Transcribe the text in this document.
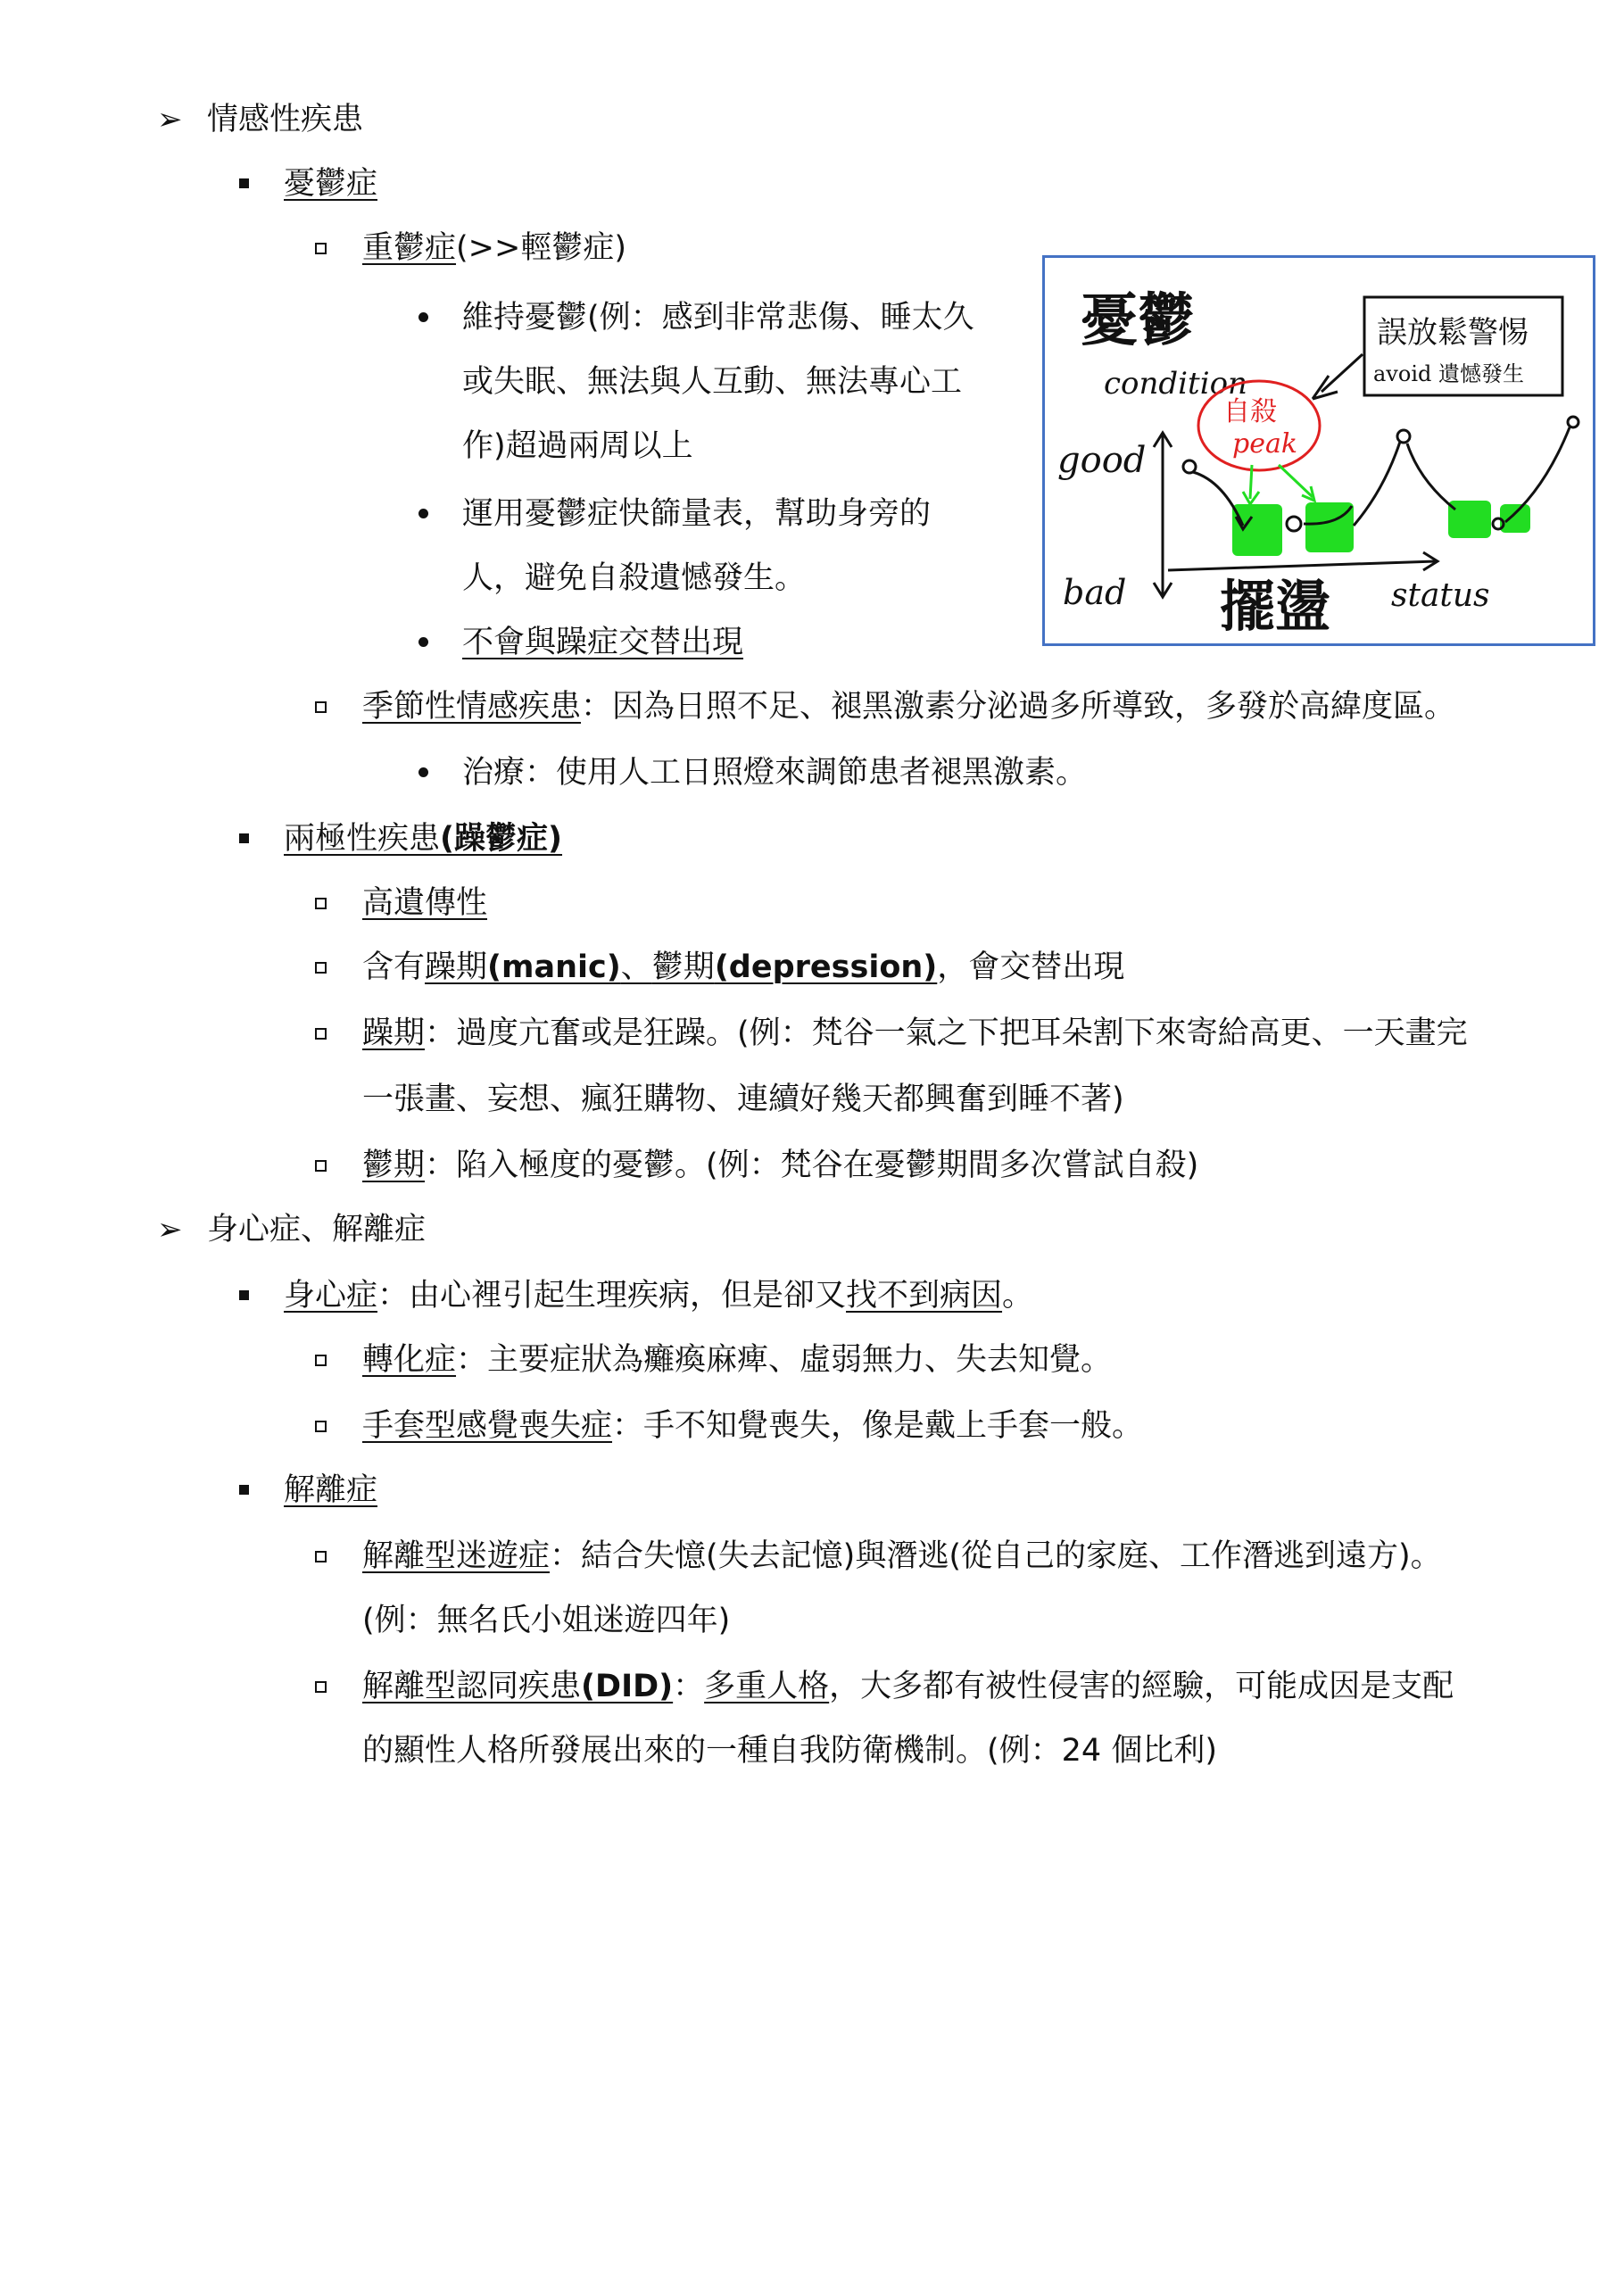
➢ 情感性疾患
憂鬱症
重鬱症(>>輕鬱症)
維持憂鬱(例：感到非常悲傷、睡太久
或失眠、無法與人互動、無法專心工
作)超過兩周以上
運用憂鬱症快篩量表，幫助身旁的
人，避免自殺遺憾發生。
不會與躁症交替出現
季節性情感疾患：因為日照不足、褪黑激素分泌過多所導致，多發於高緯度區。
治療：使用人工日照燈來調節患者褪黑激素。
兩極性疾患(躁鬱症)
高遺傳性
含有躁期(manic)、鬱期(depression)，會交替出現
躁期：過度亢奮或是狂躁。(例：梵谷一氣之下把耳朵割下來寄給高更、一天畫完
一張畫、妄想、瘋狂購物、連續好幾天都興奮到睡不著)
鬱期：陷入極度的憂鬱。(例：梵谷在憂鬱期間多次嘗試自殺)
➢ 身心症、解離症
身心症：由心裡引起生理疾病，但是卻又找不到病因。
轉化症：主要症狀為癱瘓麻痺、虛弱無力、失去知覺。
手套型感覺喪失症：手不知覺喪失，像是戴上手套一般。
解離症
解離型迷遊症：結合失憶(失去記憶)與潛逃(從自己的家庭、工作潛逃到遠方)。
(例：無名氏小姐迷遊四年)
解離型認同疾患(DID)：多重人格，大多都有被性侵害的經驗，可能成因是支配
的顯性人格所發展出來的一種自我防衛機制。(例：24 個比利)
憂鬱	誤放鬆警惕
avoid 遺憾發生
condition
good
bad	status
擺盪
自殺
peak
